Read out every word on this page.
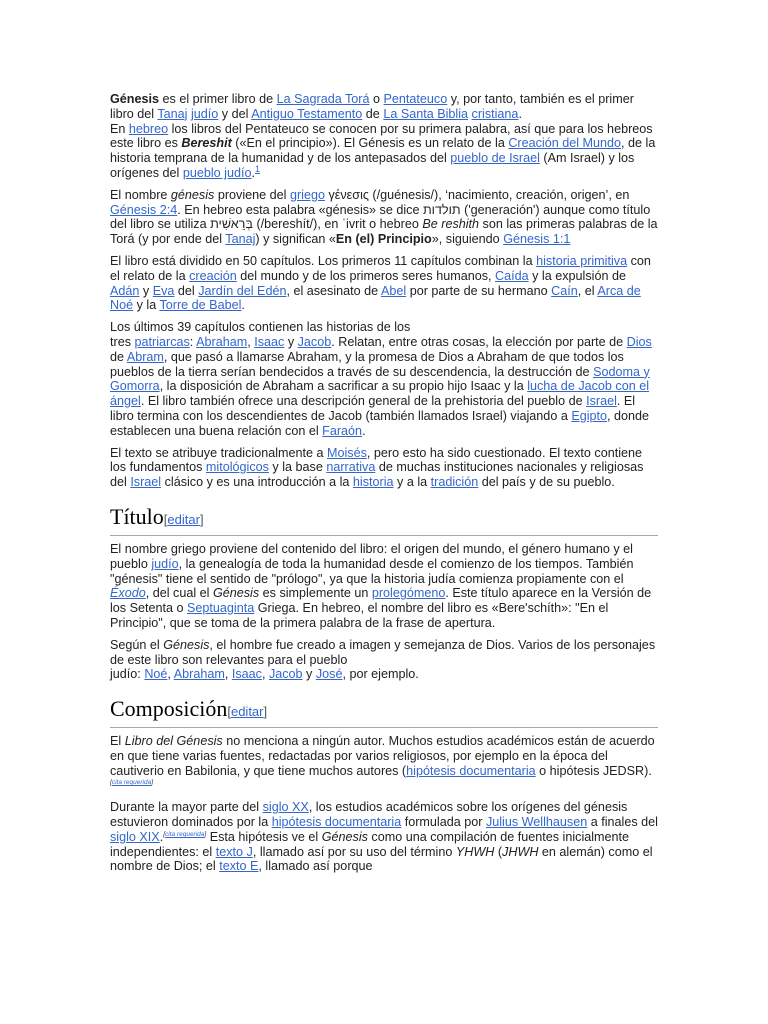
Génesis es el primer libro de La Sagrada Torá o Pentateuco y, por tanto, también es el primer libro del Tanaj judío y del Antiguo Testamento de La Santa Biblia cristiana.
En hebreo los libros del Pentateuco se conocen por su primera palabra, así que para los hebreos este libro es Bereshit («En el principio»). El Génesis es un relato de la Creación del Mundo, de la historia temprana de la humanidad y de los antepasados del pueblo de Israel (Am Israel) y los orígenes del pueblo judío.$^1$

El nombre génesis proviene del griego γένεσις (/guénesis/), ‘nacimiento, creación, origen’, en Génesis 2:4. En hebreo esta palabra «génesis» se dice תולדות ('generación') aunque como título del libro se utiliza בְּרֵאשִׁית (/bereshít/), en ˈivrit o hebreo Be reshith son las primeras palabras de la Torá (y por ende del Tanaj) y significan «En (el) Principio», siguiendo Génesis 1:1

El libro está dividido en 50 capítulos. Los primeros 11 capítulos combinan la historia primitiva con el relato de la creación del mundo y de los primeros seres humanos, Caída y la expulsión de Adán y Eva del Jardín del Edén, el asesinato de Abel por parte de su hermano Caín, el Arca de Noé y la Torre de Babel.

Los últimos 39 capítulos contienen las historias de los
tres patriarcas: Abraham, Isaac y Jacob. Relatan, entre otras cosas, la elección por parte de Dios de Abram, que pasó a llamarse Abraham, y la promesa de Dios a Abraham de que todos los pueblos de la tierra serían bendecidos a través de su descendencia, la destrucción de Sodoma y Gomorra, la disposición de Abraham a sacrificar a su propio hijo Isaac y la lucha de Jacob con el ángel. El libro también ofrece una descripción general de la prehistoria del pueblo de Israel. El libro termina con los descendientes de Jacob (también llamados Israel) viajando a Egipto, donde establecen una buena relación con el Faraón.

El texto se atribuye tradicionalmente a Moisés, pero esto ha sido cuestionado. El texto contiene los fundamentos mitológicos y la base narrativa de muchas instituciones nacionales y religiosas del Israel clásico y es una introducción a la historia y a la tradición del país y de su pueblo.

Título[editar]

El nombre griego proviene del contenido del libro: el origen del mundo, el género humano y el pueblo judío, la genealogía de toda la humanidad desde el comienzo de los tiempos. También "génesis" tiene el sentido de "prólogo", ya que la historia judía comienza propiamente con el Éxodo, del cual el Génesis es simplemente un prolegómeno. Este título aparece en la Versión de los Setenta o Septuaginta Griega. En hebreo, el nombre del libro es «Bere'schíth»: "En el Principio", que se toma de la primera palabra de la frase de apertura.

Según el Génesis, el hombre fue creado a imagen y semejanza de Dios. Varios de los personajes de este libro son relevantes para el pueblo
judío: Noé, Abraham, Isaac, Jacob y José, por ejemplo.

Composición[editar]

El Libro del Génesis no menciona a ningún autor. Muchos estudios académicos están de acuerdo en que tiene varias fuentes, redactadas por varios religiosos, por ejemplo en la época del cautiverio en Babilonia, y que tiene muchos autores (hipótesis documentaria o hipótesis JEDSR).[cita requerida]

Durante la mayor parte del siglo XX, los estudios académicos sobre los orígenes del génesis estuvieron dominados por la hipótesis documentaria formulada por Julius Wellhausen a finales del siglo XIX.[cita requerida] Esta hipótesis ve el Génesis como una compilación de fuentes inicialmente independientes: el texto J, llamado así por su uso del término YHWH (JHWH en alemán) como el nombre de Dios; el texto E, llamado así porque
